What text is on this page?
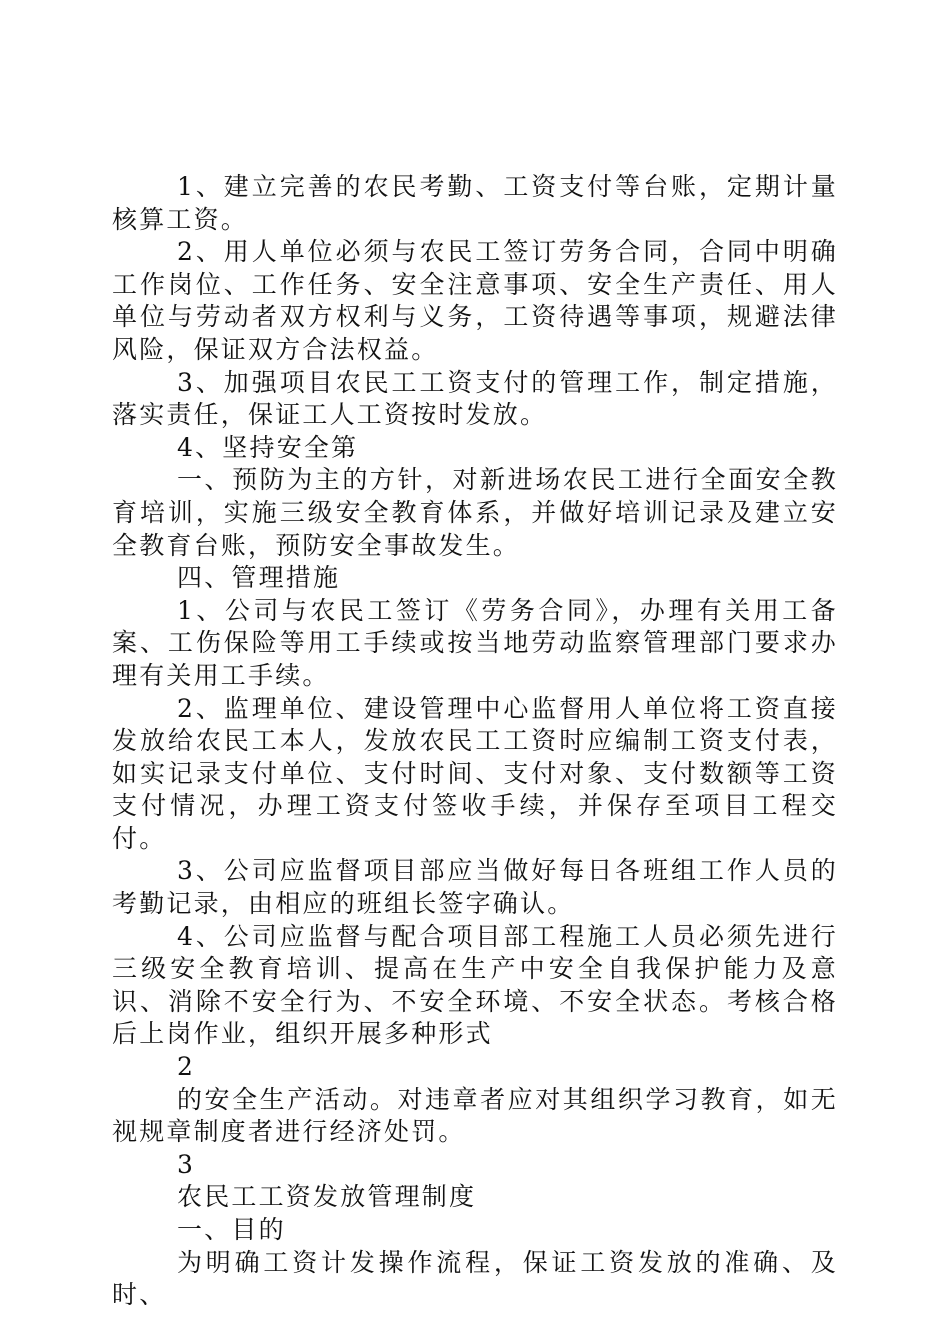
1、建立完善的农民考勤、工资支付等台账，定期计量核算工资。

2、用人单位必须与农民工签订劳务合同，合同中明确工作岗位、工作任务、安全注意事项、安全生产责任、用人单位与劳动者双方权利与义务，工资待遇等事项，规避法律风险，保证双方合法权益。

3、加强项目农民工工资支付的管理工作，制定措施，落实责任，保证工人工资按时发放。

4、坚持安全第

一、预防为主的方针，对新进场农民工进行全面安全教育培训，实施三级安全教育体系，并做好培训记录及建立安全教育台账，预防安全事故发生。

四、管理措施

1、公司与农民工签订《劳务合同》，办理有关用工备案、工伤保险等用工手续或按当地劳动监察管理部门要求办理有关用工手续。

2、监理单位、建设管理中心监督用人单位将工资直接发放给农民工本人，发放农民工工资时应编制工资支付表，如实记录支付单位、支付时间、支付对象、支付数额等工资支付情况，办理工资支付签收手续，并保存至项目工程交付。

3、公司应监督项目部应当做好每日各班组工作人员的考勤记录，由相应的班组长签字确认。

4、公司应监督与配合项目部工程施工人员必须先进行三级安全教育培训、提高在生产中安全自我保护能力及意识、消除不安全行为、不安全环境、不安全状态。考核合格后上岗作业，组织开展多种形式

2

的安全生产活动。对违章者应对其组织学习教育，如无视规章制度者进行经济处罚。

3

农民工工资发放管理制度

一、目的

为明确工资计发操作流程，保证工资发放的准确、及时、
